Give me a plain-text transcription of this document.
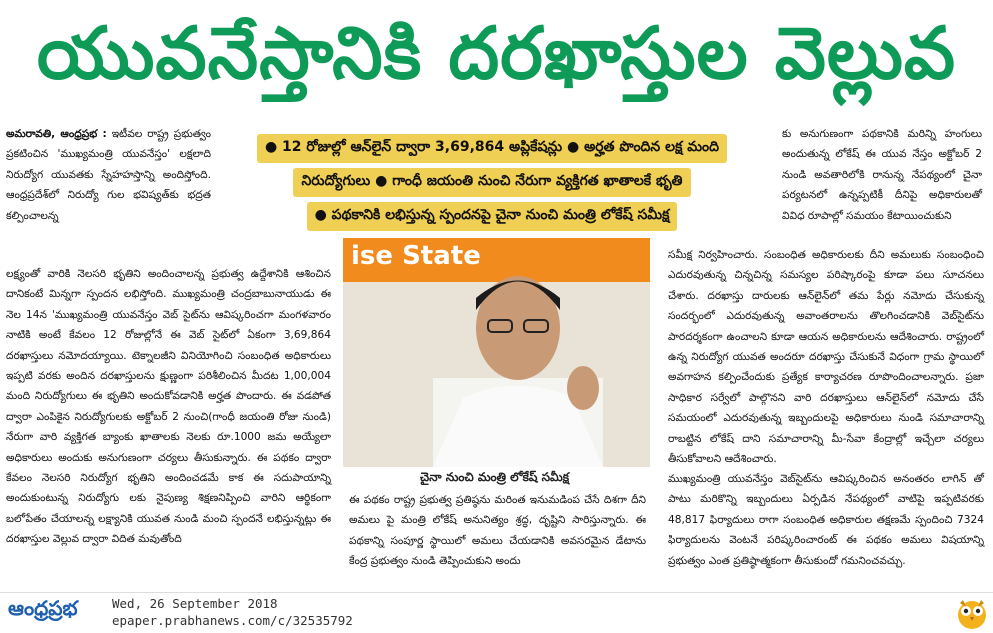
యువనేస్తానికి దరఖాస్తుల వెల్లువ
● 12 రోజుల్లో ఆన్‌లైన్ ద్వారా 3,69,864 అప్లికేషన్లు ● అర్హత పొందిన లక్ష మంది
నిరుద్యోగులు ● గాంధీ జయంతి నుంచి నేరుగా వ్యక్తిగత ఖాతాలకే భృతి
● పథకానికి లభిస్తున్న స్పందనపై చైనా నుంచి మంత్రి లోకేష్ సమీక్ష

అమరావతి, ఆంధ్రప్రభ : ఇటీవల రాష్ట్ర ప్రభుత్వం ప్రకటించిన 'ముఖ్యమంత్రి యువనేస్తం' లక్షలాది నిరుద్యోగ యువతకు స్నేహహస్తాన్ని అందిస్తోంది. ఆంధ్రప్రదేశ్‌లో నిరుద్యో గుల భవిష్యత్‌కు భద్రత కల్పించాలన్న

లక్ష్యంతో వారికి నెలసరి భృతిని అందించాలన్న ప్రభుత్వ ఉద్దేశానికి ఆశించిన దానికంటే మిన్నగా స్పందన లభిస్తోంది. ముఖ్యమంత్రి చంద్రబాబునాయుడు ఈ నెల 14న 'ముఖ్యమంత్రి యువనేస్తం వెబ్ సైట్‌ను ఆవిష్కరించగా మంగళవారం నాటికి అంటే కేవలం 12 రోజుల్లోనే ఈ వెబ్ సైట్‌లో ఏకంగా 3,69,864 దరఖాస్తులు నమోదయ్యాయి. టెక్నాలజీని వినియోగించి సంబంధిత అధికారులు ఇప్పటి వరకు అందిన దరఖాస్తులను క్షుణ్ణంగా పరిశీలించిన మీదట 1,00,004 మంది నిరుద్యోగులు ఈ భృతిని అందుకోవడానికి అర్హత పొందారు. ఈ వడపోత ద్వారా ఎంపికైన నిరుద్యోగులకు అక్టోబర్ 2 నుంచి(గాంధీ జయంతి రోజు నుండి) నేరుగా వారి వ్యక్తిగత బ్యాంకు ఖాతాలకు నెలకు రూ.1000 జమ అయ్యేలా అధికారులు అందుకు అనుగుణంగా చర్యలు తీసుకున్నారు. ఈ పథకం ద్వారా కేవలం నెలసరి నిరుద్యోగ భృతిని అందించడమే కాక ఈ సదుపాయాన్ని అందుకుంటున్న నిరుద్యోగు లకు నైపుణ్య శిక్షణనిప్పించి వారిని ఆర్థికంగా బలోపేతం చేయాలన్న లక్ష్యానికి యువత నుండి మంచి స్పందనే లభిస్తున్నట్లు ఈ దరఖాస్తుల వెల్లువ ద్వారా విదిత మవుతోంది

ise State
చైనా నుంచి మంత్రి లోకేష్ సమీక్ష

ఈ పథకం రాష్ట్ర ప్రభుత్వ ప్రతిష్ఠను మరింత ఇనుమడింప చేసే దిశగా దీని అమలు పై మంత్రి లోకేష్ అనునిత్యం శ్రద్ధ, దృష్టిని సారిస్తున్నారు. ఈ పథకాన్ని సంపూర్ణ స్థాయిలో అమలు చేయడానికి అవసరమైన డేటాను కేంద్ర ప్రభుత్వం నుండి తెప్పించుకుని అందు

కు అనుగుణంగా పథకానికి మరిన్ని హంగులు అందుతున్న లోకేష్ ఈ యువ నేస్తం అక్టోబర్ 2 నుండి అవతారిలోకి రానున్న నేపథ్యంలో చైనా పర్యటనలో ఉన్నప్పటికీ దీనిపై అధికారులతో వివిధ రూపాల్లో సమయం కేటాయించుకుని

సమీక్ష నిర్వహించారు. సంబంధిత అధికారులకు దీని అమలుకు సంబంధించి ఎదురవుతున్న చిన్నచిన్న సమస్యల పరిష్కారంపై కూడా పలు సూచనలు చేశారు. దరఖాస్తు దారులకు ఆన్‌లైన్‌లో తమ పేర్లు నమోదు చేసుకున్న సందర్భంలో ఎదురవుతున్న అవాంతరాలను తొలగించడానికి వెబ్‌సైట్‌ను పారదర్శకంగా ఉంచాలని కూడా ఆయన అధికారులను ఆదేశించారు. రాష్ట్రంలో ఉన్న నిరుద్యోగ యువత అందరూ దరఖాస్తు చేసుకునే విధంగా గ్రామ స్థాయిలో అవగాహన కల్పించేందుకు ప్రత్యేక కార్యాచరణ రూపొందించాలన్నారు. ప్రజా సాధికార సర్వేలో పాల్గొనని వారి దరఖాస్తులు ఆన్‌లైన్‌లో నమోదు చేసే సమయంలో ఎదురవుతున్న ఇబ్బందులపై అధికారులు నుండి సమాచారాన్ని రాబట్టిన లోకేష్ దాని సమాచారాన్ని మీ-సేవా కేంద్రాల్లో ఇచ్చేలా చర్యలు తీసుకోవాలని ఆదేశించారు.

ముఖ్యమంత్రి యువనేస్తం వెబ్‌సైట్‌ను ఆవిష్కరించిన అనంతరం లాగిన్ తో పాటు మరికొన్ని ఇబ్బందులు ఏర్పడిన నేపథ్యంలో వాటిపై ఇప్పటివరకు 48,817 ఫిర్యాదులు రాగా సంబంధిత అధికారుల తక్షణమే స్పందించి 7324 ఫిర్యాదులను వెంటనే పరిష్కరించారంట్ ఈ పథకం అమలు విషయాన్ని ప్రభుత్వం ఎంత ప్రతిష్ఠాత్మకంగా తీసుకుందో గమనించవచ్చు.

ఆంధ్రప్రభ	Wed, 26 September 2018
epaper.prabhanews.com/c/32535792
